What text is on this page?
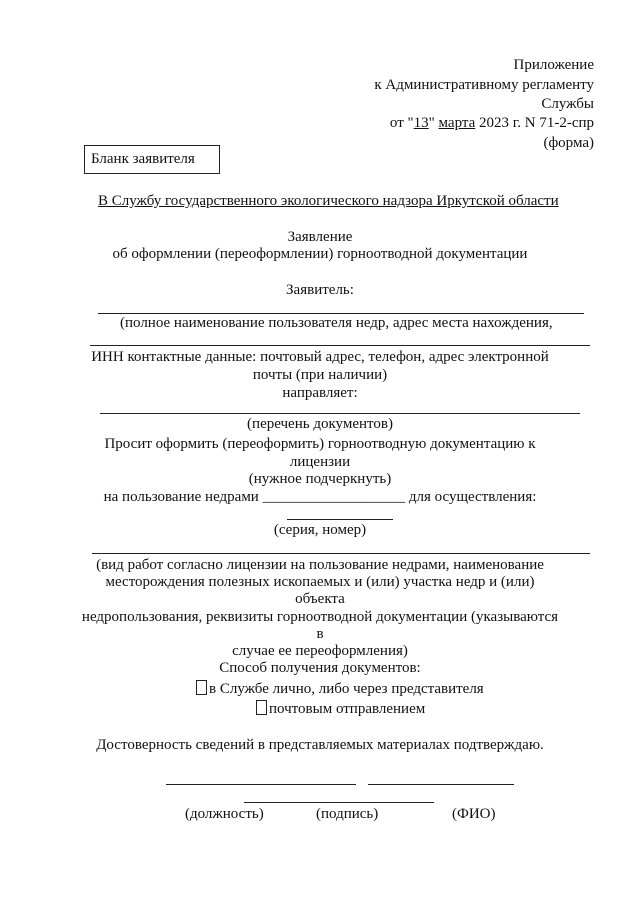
Приложение
к Административному регламенту
Службы
от "13" марта 2023 г. N 71-2-спр
(форма)
Бланк заявителя
В Службу государственного экологического надзора Иркутской области
Заявление
об оформлении (переоформлении) горноотводной документации
Заявитель:
(полное наименование пользователя недр, адрес места нахождения,
ИНН контактные данные: почтовый адрес, телефон, адрес электронной
почты (при наличии)
направляет:
(перечень документов)
Просит оформить (переоформить) горноотводную документацию к
лицензии
(нужное подчеркнуть)
на пользование недрами ___________________ для осуществления:
(серия, номер)
(вид работ согласно лицензии на пользование недрами, наименование
месторождения полезных ископаемых и (или) участка недр и (или)
объекта
недропользования, реквизиты горноотводной документации (указываются
в
случае ее переоформления)
Способ получения документов:
в Службе лично, либо через представителя
почтовым отправлением
Достоверность сведений в представляемых материалах подтверждаю.
(должность)	(подпись)	(ФИО)
